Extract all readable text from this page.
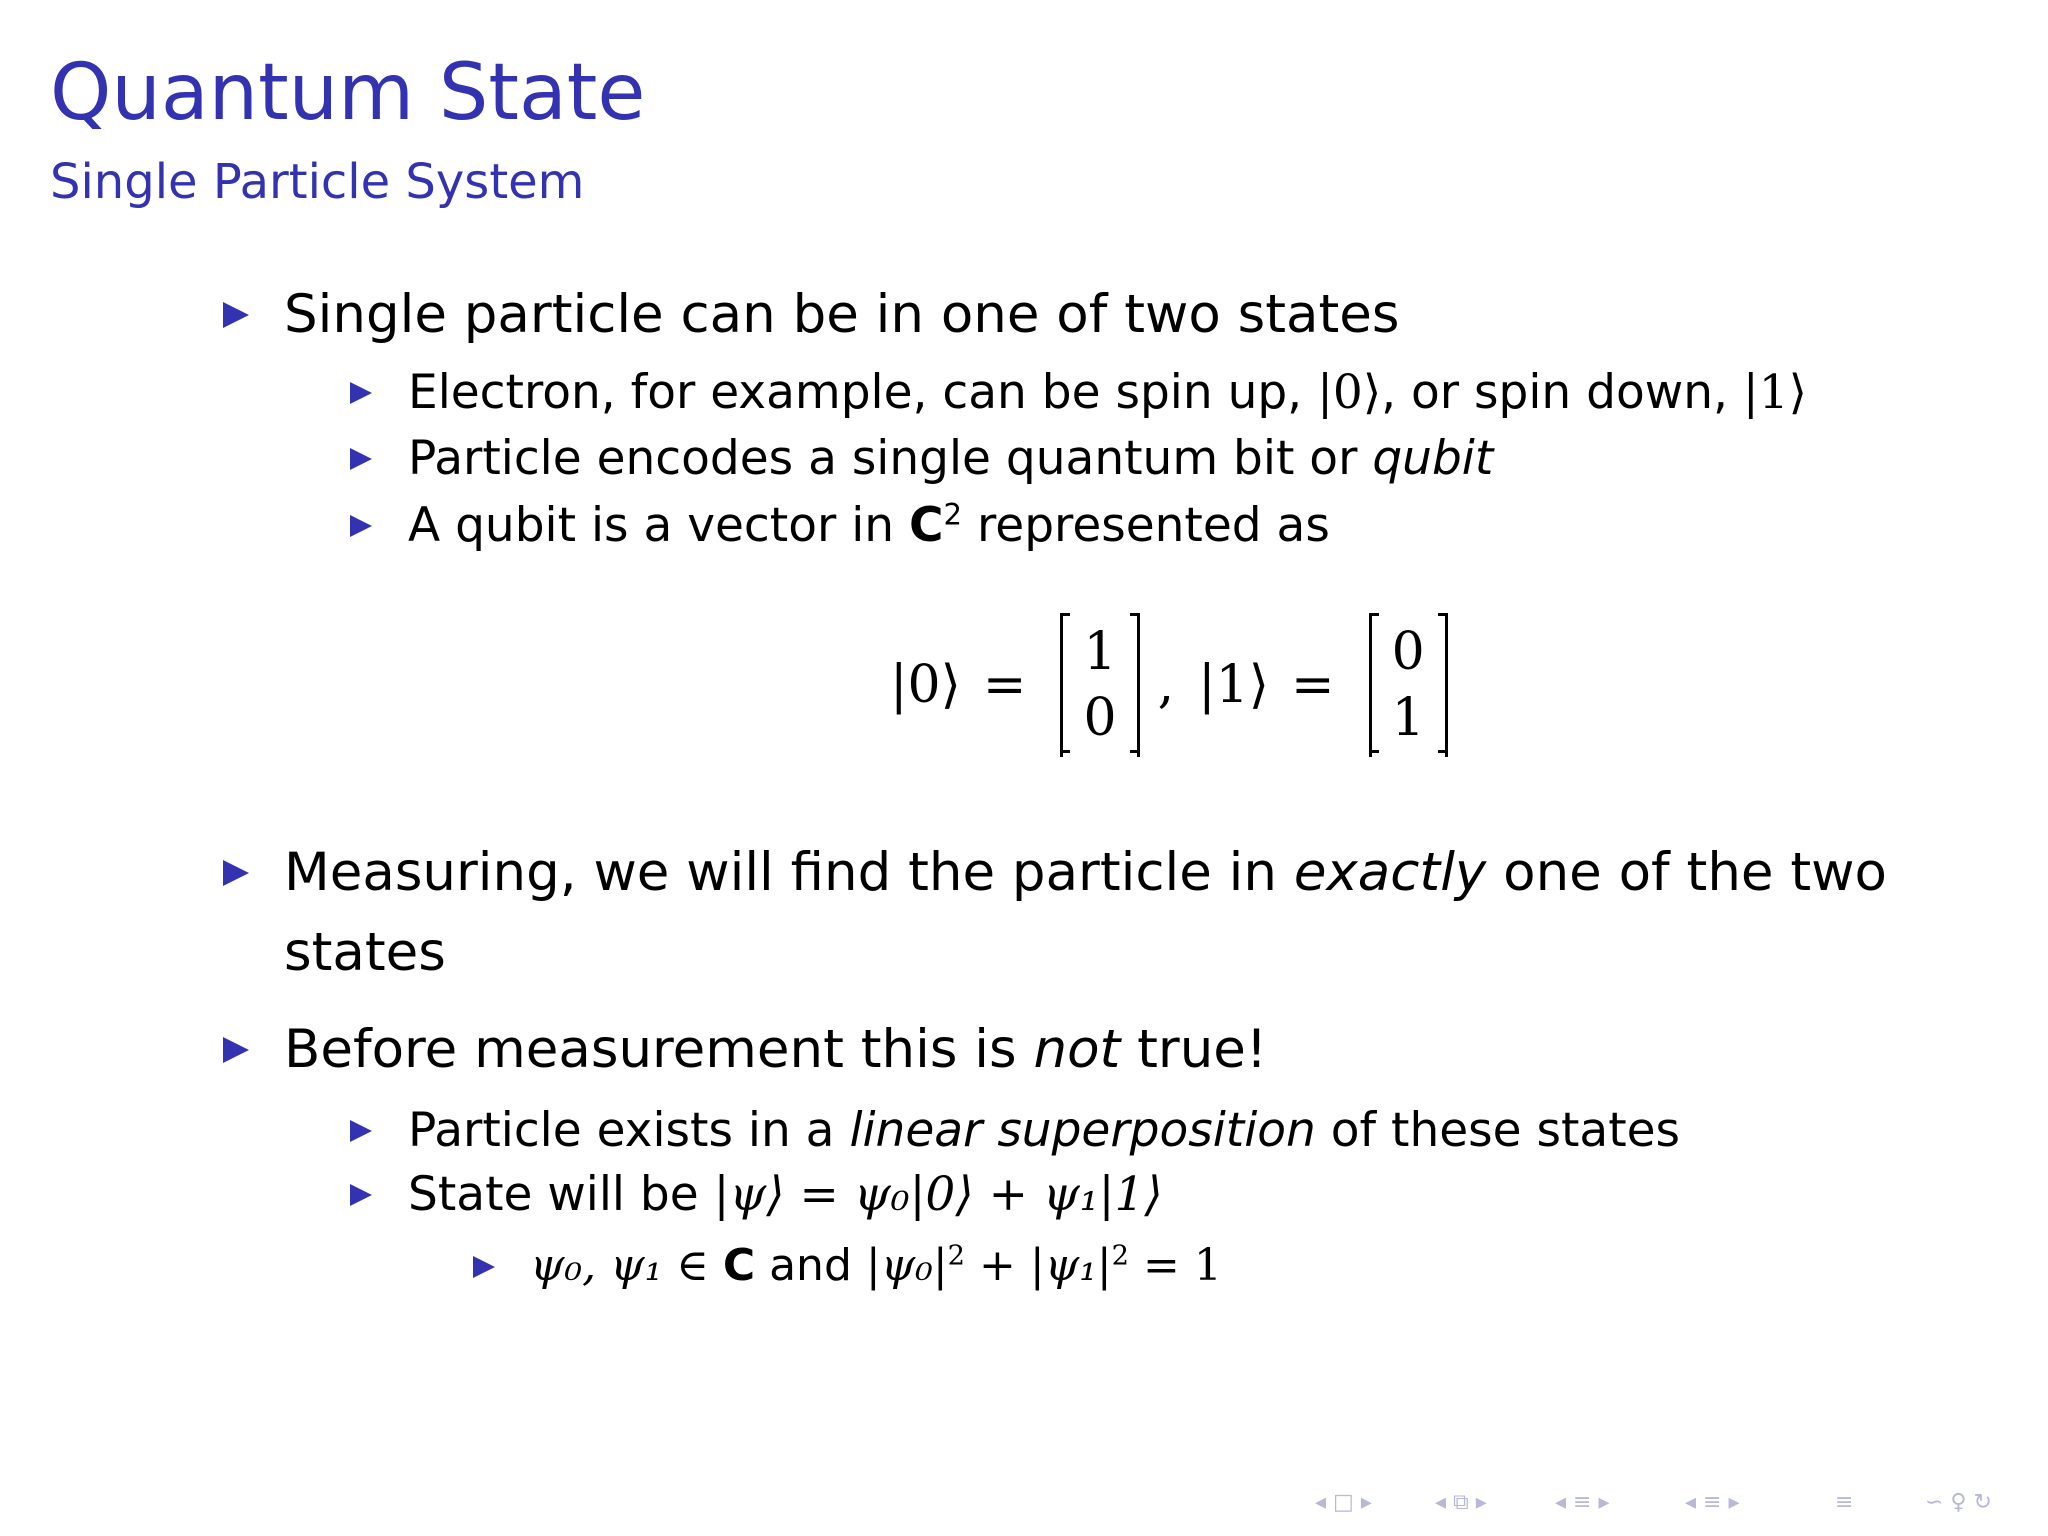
Quantum State
Single Particle System
Single particle can be in one of two states
Electron, for example, can be spin up, |0⟩, or spin down, |1⟩
Particle encodes a single quantum bit or qubit
A qubit is a vector in $C^2$ represented as
|0⟩ =
1
0
, |1⟩ =
0
1
Measuring, we will find the particle in exactly one of the two
states
Before measurement this is not true!
Particle exists in a linear superposition of these states
State will be |ψ⟩ = ψ₀|0⟩ + ψ₁|1⟩
ψ₀, ψ₁ ∈ C and $|\psi_0|^2 + |\psi_1|^2 = 1$
◂ □ ▸	◂ ⧉ ▸	◂ ≡ ▸	◂ ≡ ▸	≡	∽ ♀ ↻
